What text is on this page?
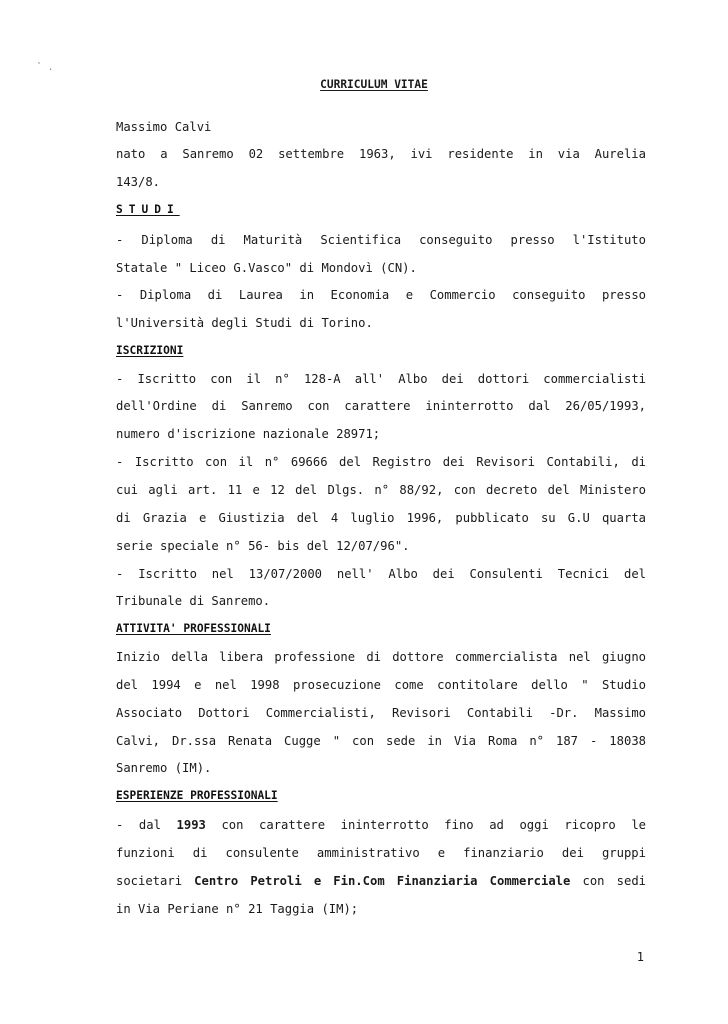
‧ ‧
CURRICULUM VITAE
Massimo Calvi
nato a Sanremo 02 settembre 1963, ivi residente in via Aurelia
143/8.
STUDI
- Diploma di Maturità Scientifica conseguito presso l'Istituto
Statale " Liceo G.Vasco" di Mondovì (CN).
- Diploma di Laurea in Economia e Commercio conseguito presso
l'Università degli Studi di Torino.
ISCRIZIONI
- Iscritto con il n° 128-A all' Albo dei dottori commercialisti
dell'Ordine di Sanremo con carattere ininterrotto dal 26/05/1993,
numero d'iscrizione nazionale 28971;
- Iscritto con il n° 69666 del Registro dei Revisori Contabili, di
cui agli art. 11 e 12 del Dlgs. n° 88/92, con decreto del Ministero
di Grazia e Giustizia del 4 luglio 1996, pubblicato su G.U quarta
serie speciale n° 56- bis del 12/07/96".
- Iscritto nel 13/07/2000 nell' Albo dei Consulenti Tecnici del
Tribunale di Sanremo.
ATTIVITA' PROFESSIONALI
Inizio della libera professione di dottore commercialista nel giugno
del 1994 e nel 1998 prosecuzione come contitolare dello " Studio
Associato Dottori Commercialisti, Revisori Contabili -Dr. Massimo
Calvi, Dr.ssa Renata Cugge " con sede in Via Roma n° 187 - 18038
Sanremo (IM).
ESPERIENZE PROFESSIONALI
- dal 1993 con carattere ininterrotto fino ad oggi ricopro le
funzioni di consulente amministrativo e finanziario dei gruppi
societari Centro Petroli e Fin.Com Finanziaria Commerciale con sedi
in Via Periane n° 21 Taggia (IM);
1
